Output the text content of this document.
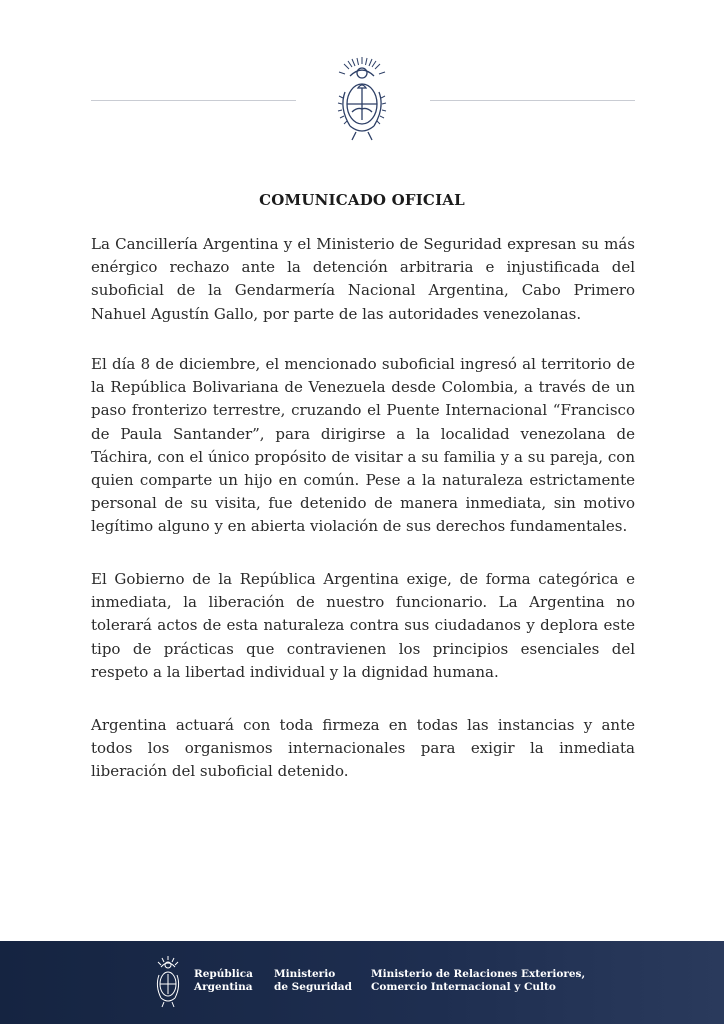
COMUNICADO OFICIAL

La Cancillería Argentina y el Ministerio de Seguridad expresan su más enérgico rechazo ante la detención arbitraria e injustificada del suboficial de la Gendarmería Nacional Argentina, Cabo Primero Nahuel Agustín Gallo, por parte de las autoridades venezolanas.

El día 8 de diciembre, el mencionado suboficial ingresó al territorio de la República Bolivariana de Venezuela desde Colombia, a través de un paso fronterizo terrestre, cruzando el Puente Internacional “Francisco de Paula Santander”, para dirigirse a la localidad venezolana de Táchira, con el único propósito de visitar a su familia y a su pareja, con quien comparte un hijo en común. Pese a la naturaleza estrictamente personal de su visita, fue detenido de manera inmediata, sin motivo legítimo alguno y en abierta violación de sus derechos fundamentales.

El Gobierno de la República Argentina exige, de forma categórica e inmediata, la liberación de nuestro funcionario. La Argentina no tolerará actos de esta naturaleza contra sus ciudadanos y deplora este tipo de prácticas que contravienen los principios esenciales del respeto a la libertad individual y la dignidad humana.

Argentina actuará con toda firmeza en todas las instancias y ante todos los organismos internacionales para exigir la inmediata liberación del suboficial detenido.

República
Argentina
Ministerio
de Seguridad
Ministerio de Relaciones Exteriores,
Comercio Internacional y Culto
